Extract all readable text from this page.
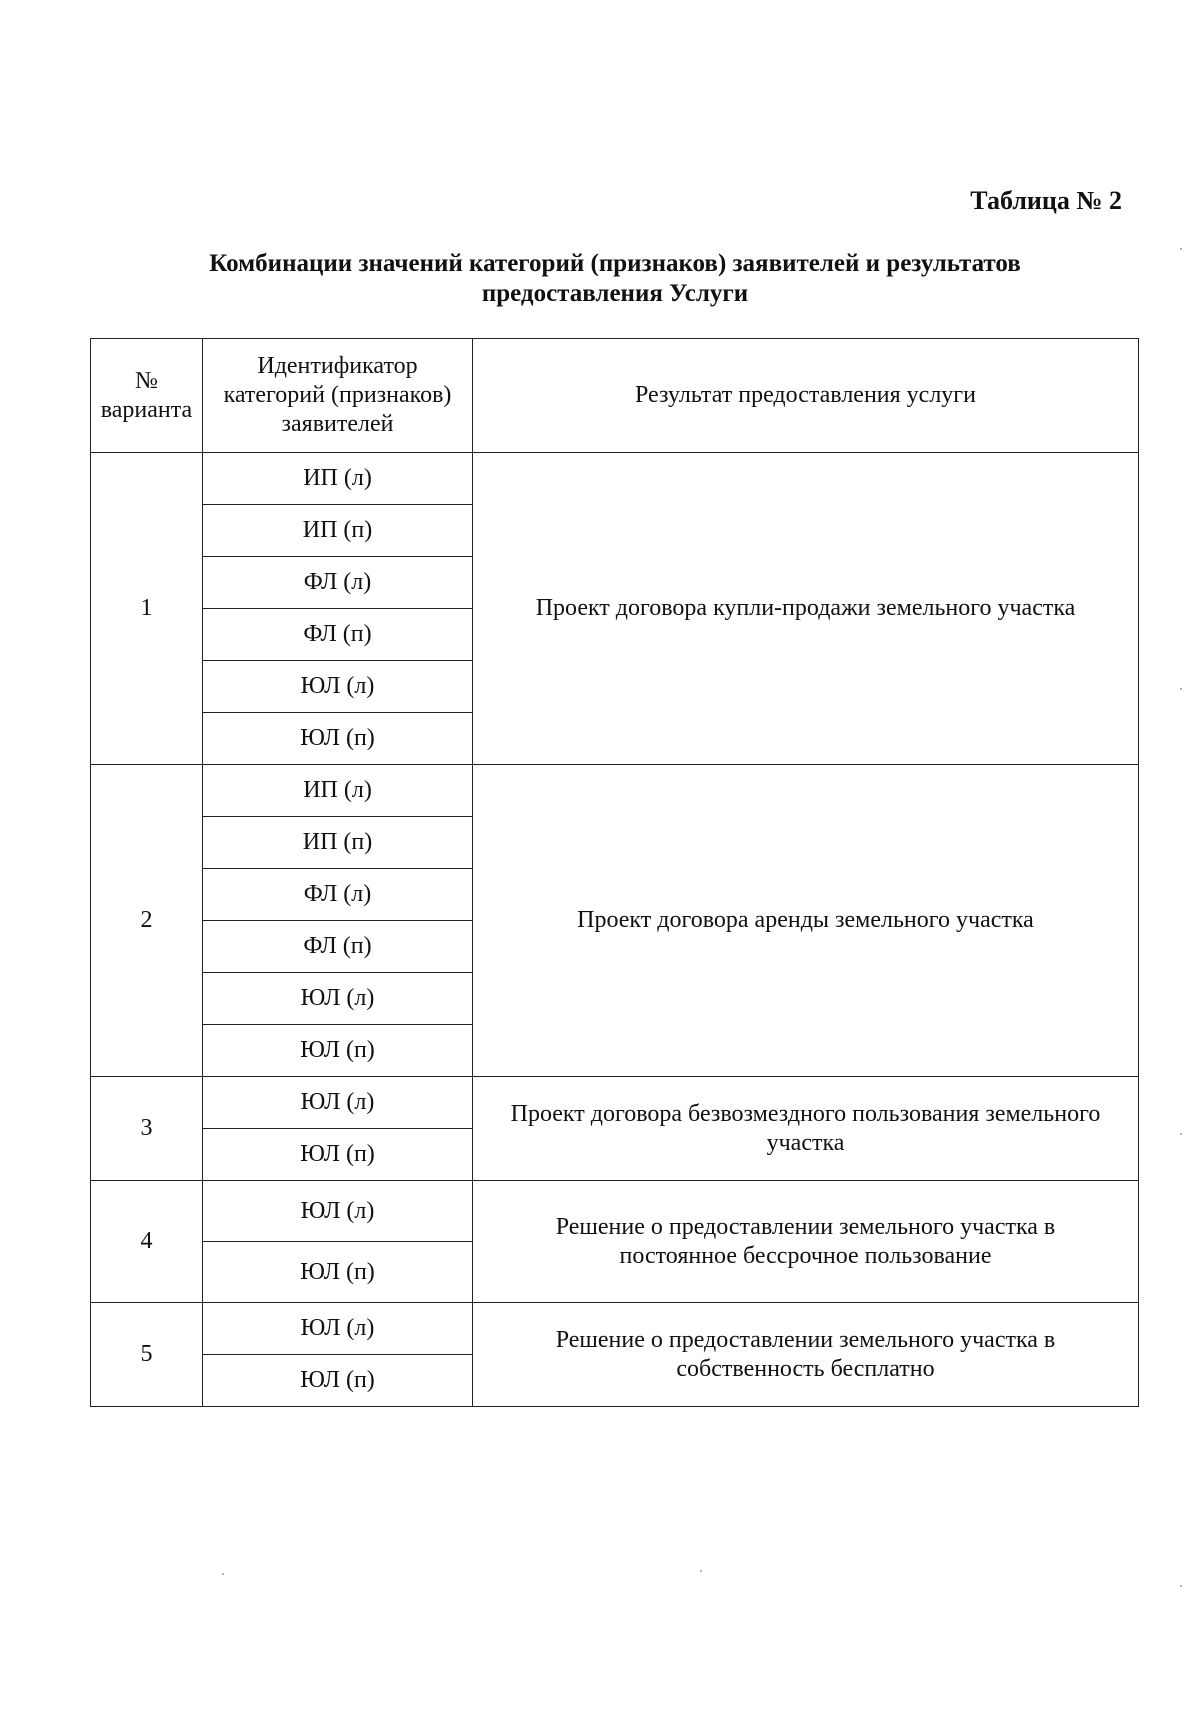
Таблица № 2
Комбинации значений категорий (признаков) заявителей и результатов
предоставления Услуги
№
варианта	Идентификатор
категорий (признаков)
заявителей	Результат предоставления услуги

1	ИП (л)	Проект договора купли-продажи земельного участка

	ИП (п)	
	ФЛ (л)	
	ФЛ (п)	
	ЮЛ (л)	
	ЮЛ (п)	
2	ИП (л)	Проект договора аренды земельного участка

	ИП (п)	
	ФЛ (л)	
	ФЛ (п)	
	ЮЛ (л)	
	ЮЛ (п)	
3	ЮЛ (л)	Проект договора безвозмездного пользования земельного
участка

	ЮЛ (п)	
4	ЮЛ (л)	Решение о предоставлении земельного участка в
постоянное бессрочное пользование

	ЮЛ (п)	
5	ЮЛ (л)	Решение о предоставлении земельного участка в
собственность бесплатно

	ЮЛ (п)	
